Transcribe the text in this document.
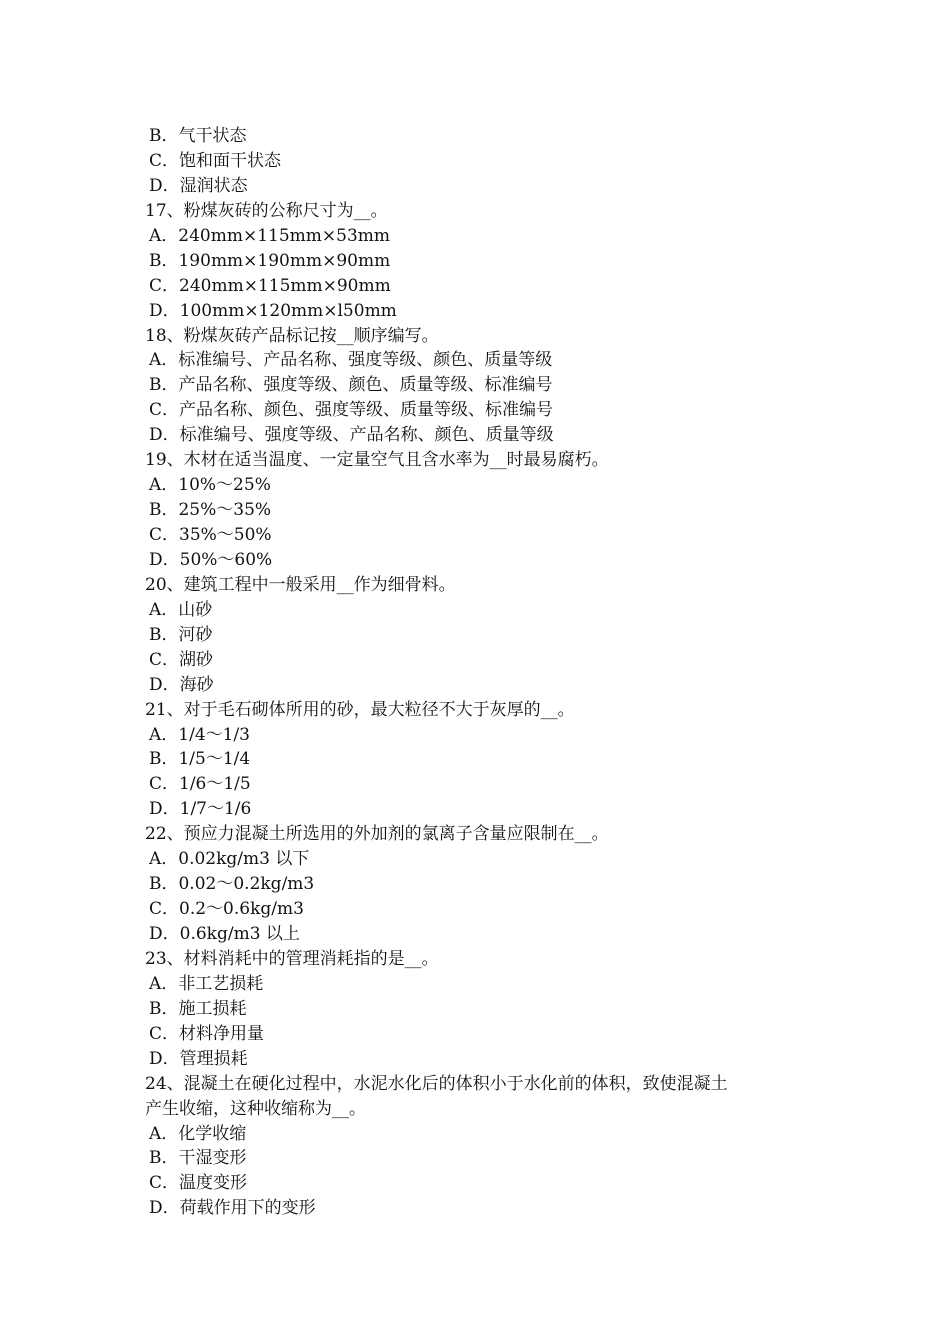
B．气干状态
C．饱和面干状态
D．湿润状态
17、粉煤灰砖的公称尺寸为__。
A．240mm×115mm×53mm
B．190mm×190mm×90mm
C．240mm×115mm×90mm
D．100mm×120mm×l50mm
18、粉煤灰砖产品标记按__顺序编写。
A．标准编号、产品名称、强度等级、颜色、质量等级
B．产品名称、强度等级、颜色、质量等级、标准编号
C．产品名称、颜色、强度等级、质量等级、标准编号
D．标准编号、强度等级、产品名称、颜色、质量等级
19、木材在适当温度、一定量空气且含水率为__时最易腐朽。
A．10%～25%
B．25%～35%
C．35%～50%
D．50%～60%
20、建筑工程中一般采用__作为细骨料。
A．山砂
B．河砂
C．湖砂
D．海砂
21、对于毛石砌体所用的砂，最大粒径不大于灰厚的__。
A．1/4～1/3
B．1/5～1/4
C．1/6～1/5
D．1/7～1/6
22、预应力混凝土所选用的外加剂的氯离子含量应限制在__。
A．0.02kg/m3 以下
B．0.02～0.2kg/m3
C．0.2～0.6kg/m3
D．0.6kg/m3 以上
23、材料消耗中的管理消耗指的是__。
A．非工艺损耗
B．施工损耗
C．材料净用量
D．管理损耗
24、混凝土在硬化过程中，水泥水化后的体积小于水化前的体积，致使混凝土
产生收缩，这种收缩称为__。
A．化学收缩
B．干湿变形
C．温度变形
D．荷载作用下的变形
